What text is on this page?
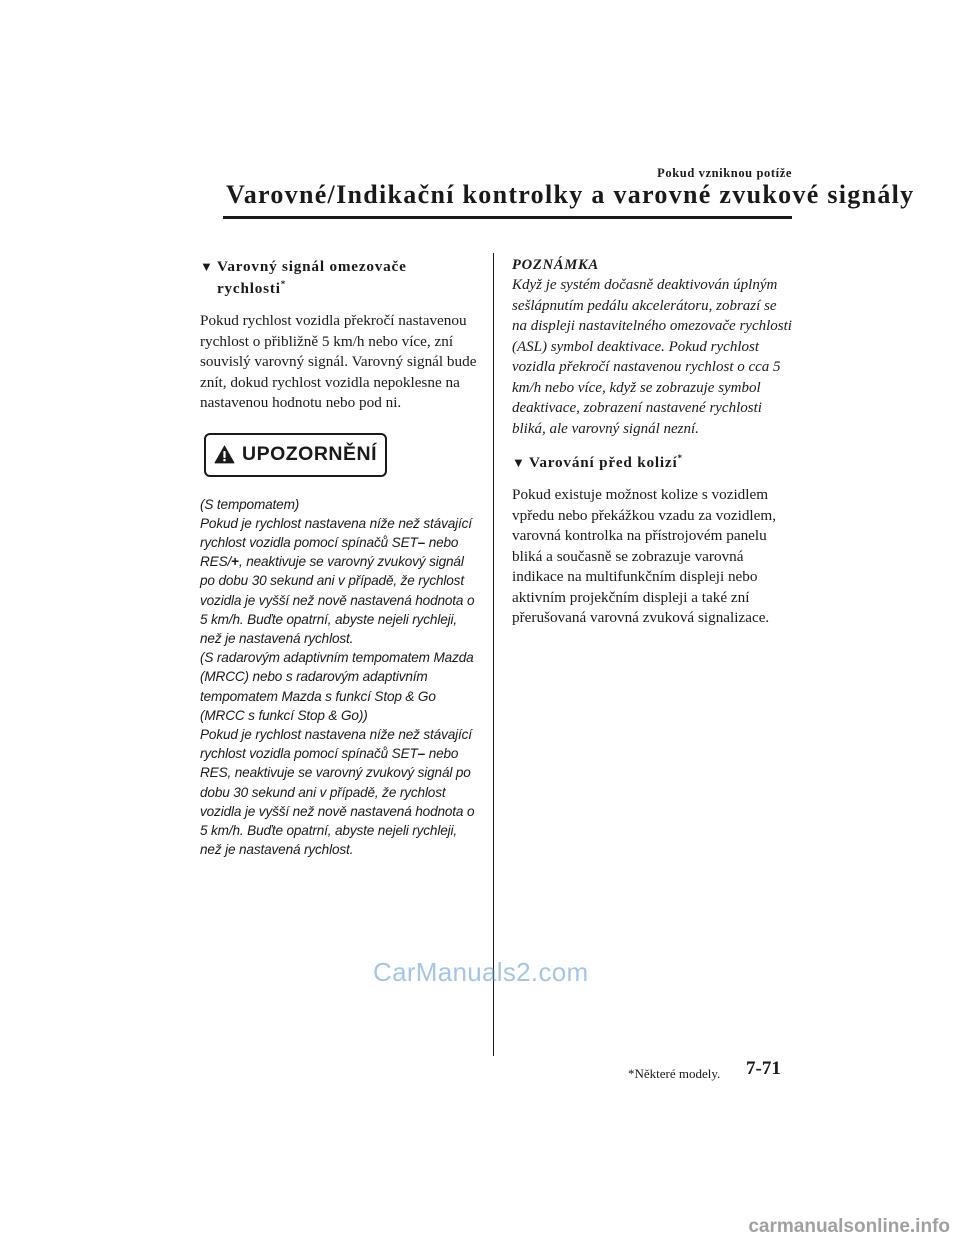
Pokud vzniknou potíže
Varovné/Indikační kontrolky a varovné zvukové signály
▼ Varovný signál omezovače
rychlosti*

Pokud rychlost vozidla překročí nastavenou rychlost o přibližně 5 km/h nebo více, zní souvislý varovný signál. Varovný signál bude znít, dokud rychlost vozidla nepoklesne na nastavenou hodnotu nebo pod ni.

UPOZORNĚNÍ

(S tempomatem)

Pokud je rychlost nastavena níže než stávající rychlost vozidla pomocí spínačů SET– nebo RES/+, neaktivuje se varovný zvukový signál po dobu 30 sekund ani v případě, že rychlost vozidla je vyšší než nově nastavená hodnota o 5 km/h. Buďte opatrní, abyste nejeli rychleji, než je nastavená rychlost.

(S radarovým adaptivním tempomatem Mazda (MRCC) nebo s radarovým adaptivním tempomatem Mazda s funkcí Stop & Go (MRCC s funkcí Stop & Go))

Pokud je rychlost nastavena níže než stávající rychlost vozidla pomocí spínačů SET– nebo RES, neaktivuje se varovný zvukový signál po dobu 30 sekund ani v případě, že rychlost vozidla je vyšší než nově nastavená hodnota o 5 km/h. Buďte opatrní, abyste nejeli rychleji, než je nastavená rychlost.

POZNÁMKA

Když je systém dočasně deaktivován úplným sešlápnutím pedálu akcelerátoru, zobrazí se na displeji nastavitelného omezovače rychlosti (ASL) symbol deaktivace. Pokud rychlost vozidla překročí nastavenou rychlost o cca 5 km/h nebo více, když se zobrazuje symbol deaktivace, zobrazení nastavené rychlosti bliká, ale varovný signál nezní.

▼ Varování před kolizí*

Pokud existuje možnost kolize s vozidlem vpředu nebo překážkou vzadu za vozidlem, varovná kontrolka na přístrojovém panelu bliká a současně se zobrazuje varovná indikace na multifunkčním displeji nebo aktivním projekčním displeji a také zní přerušovaná varovná zvuková signalizace.

CarManuals2.com
*Některé modely. 7-71
carmanualsonline.info
